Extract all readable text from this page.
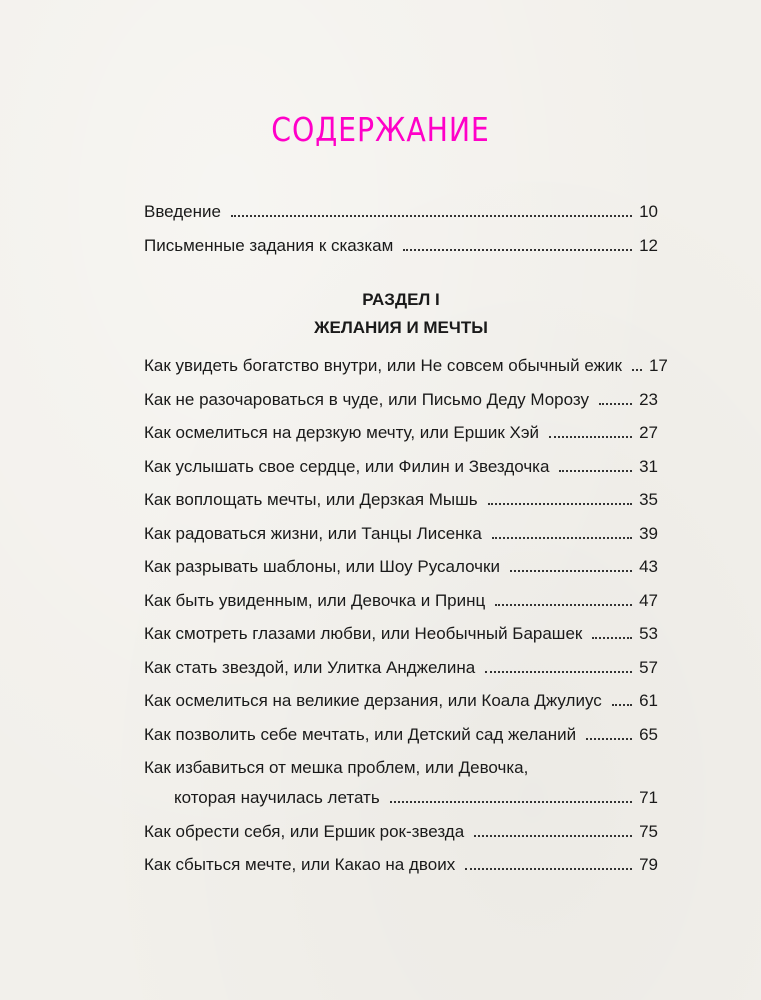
СОДЕРЖАНИЕ
Введение	10
Письменные задания к сказкам	12
РАЗДЕЛ I
ЖЕЛАНИЯ И МЕЧТЫ
Как увидеть богатство внутри, или Не совсем обычный ежик 17
Как не разочароваться в чуде, или Письмо Деду Морозу	23
Как осмелиться на дерзкую мечту, или Ершик Хэй	27
Как услышать свое сердце, или Филин и Звездочка	31
Как воплощать мечты, или Дерзкая Мышь	35
Как радоваться жизни, или Танцы Лисенка	39
Как разрывать шаблоны, или Шоу Русалочки	43
Как быть увиденным, или Девочка и Принц	47
Как смотреть глазами любви, или Необычный Барашек	53
Как стать звездой, или Улитка Анджелина	57
Как осмелиться на великие дерзания, или Коала Джулиус 61
Как позволить себе мечтать, или Детский сад желаний	65
Как избавиться от мешка проблем, или Девочка,
которая научилась летать	71
Как обрести себя, или Ершик рок-звезда	75
Как сбыться мечте, или Какао на двоих	79
